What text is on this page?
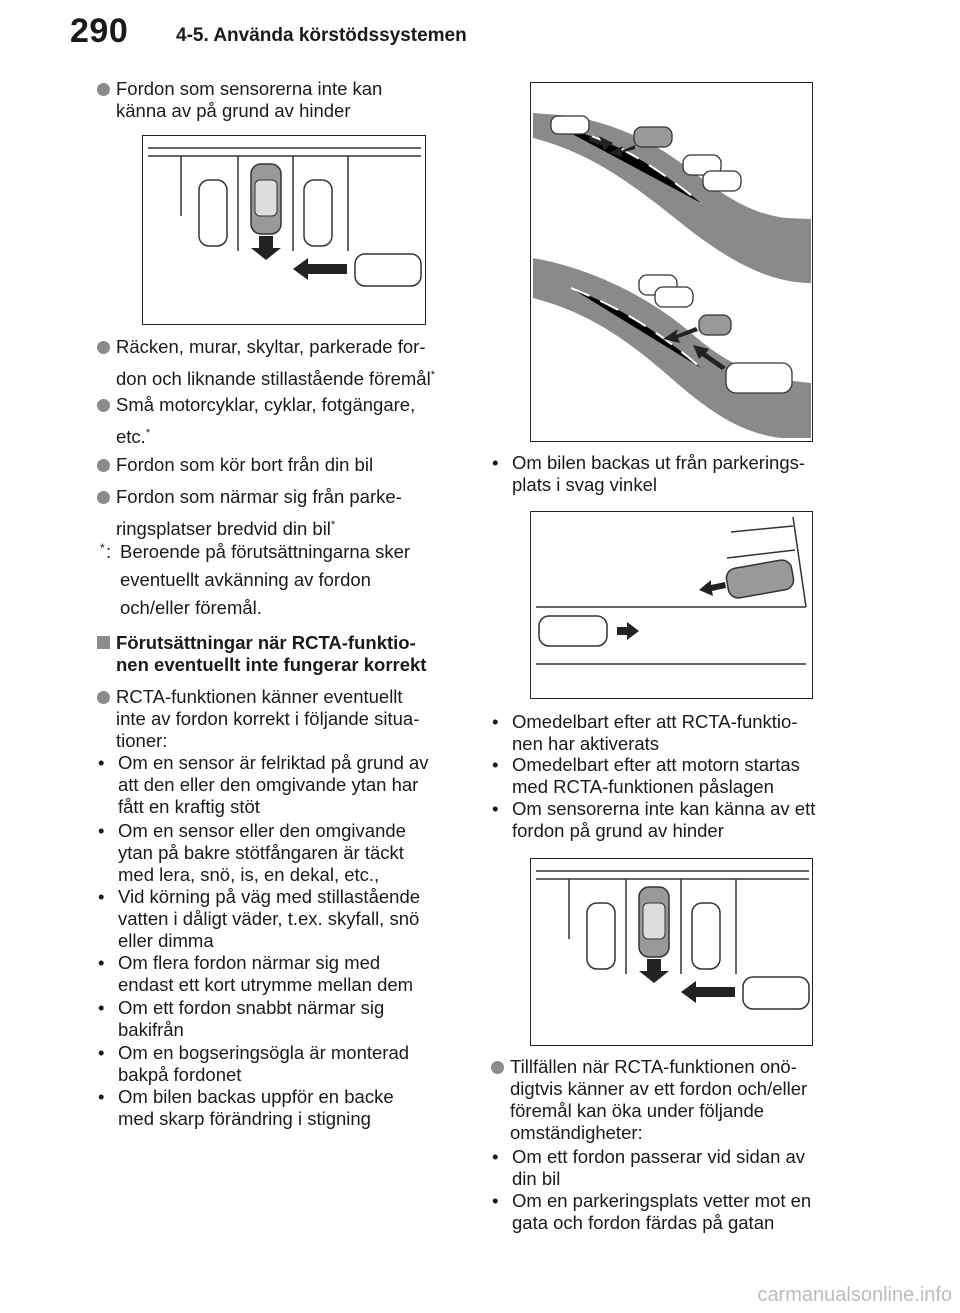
290	4-5. Använda körstödssystemen
Fordon som sensorerna inte kan
känna av på grund av hinder
Räcken, murar, skyltar, parkerade for-
don och liknande stillastående föremål*
Små motorcyklar, cyklar, fotgängare,
etc.*
Fordon som kör bort från din bil
Fordon som närmar sig från parke-
ringsplatser bredvid din bil*
* : Beroende på förutsättningarna sker
eventuellt avkänning av fordon
och/eller föremål.
Förutsättningar när RCTA-funktio-
nen eventuellt inte fungerar korrekt
RCTA-funktionen känner eventuellt
inte av fordon korrekt i följande situa-
tioner:
• Om en sensor är felriktad på grund av
att den eller den omgivande ytan har
fått en kraftig stöt
• Om en sensor eller den omgivande
ytan på bakre stötfångaren är täckt
med lera, snö, is, en dekal, etc.,
• Vid körning på väg med stillastående
vatten i dåligt väder, t.ex. skyfall, snö
eller dimma
• Om flera fordon närmar sig med
endast ett kort utrymme mellan dem
• Om ett fordon snabbt närmar sig
bakifrån
• Om en bogseringsögla är monterad
bakpå fordonet
• Om bilen backas uppför en backe
med skarp förändring i stigning
• Om bilen backas ut från parkerings-
plats i svag vinkel
• Omedelbart efter att RCTA-funktio-
nen har aktiverats
• Omedelbart efter att motorn startas
med RCTA-funktionen påslagen
• Om sensorerna inte kan känna av ett
fordon på grund av hinder
Tillfällen när RCTA-funktionen onö-
digtvis känner av ett fordon och/eller
föremål kan öka under följande
omständigheter:
• Om ett fordon passerar vid sidan av
din bil
• Om en parkeringsplats vetter mot en
gata och fordon färdas på gatan
carmanualsonline.info
